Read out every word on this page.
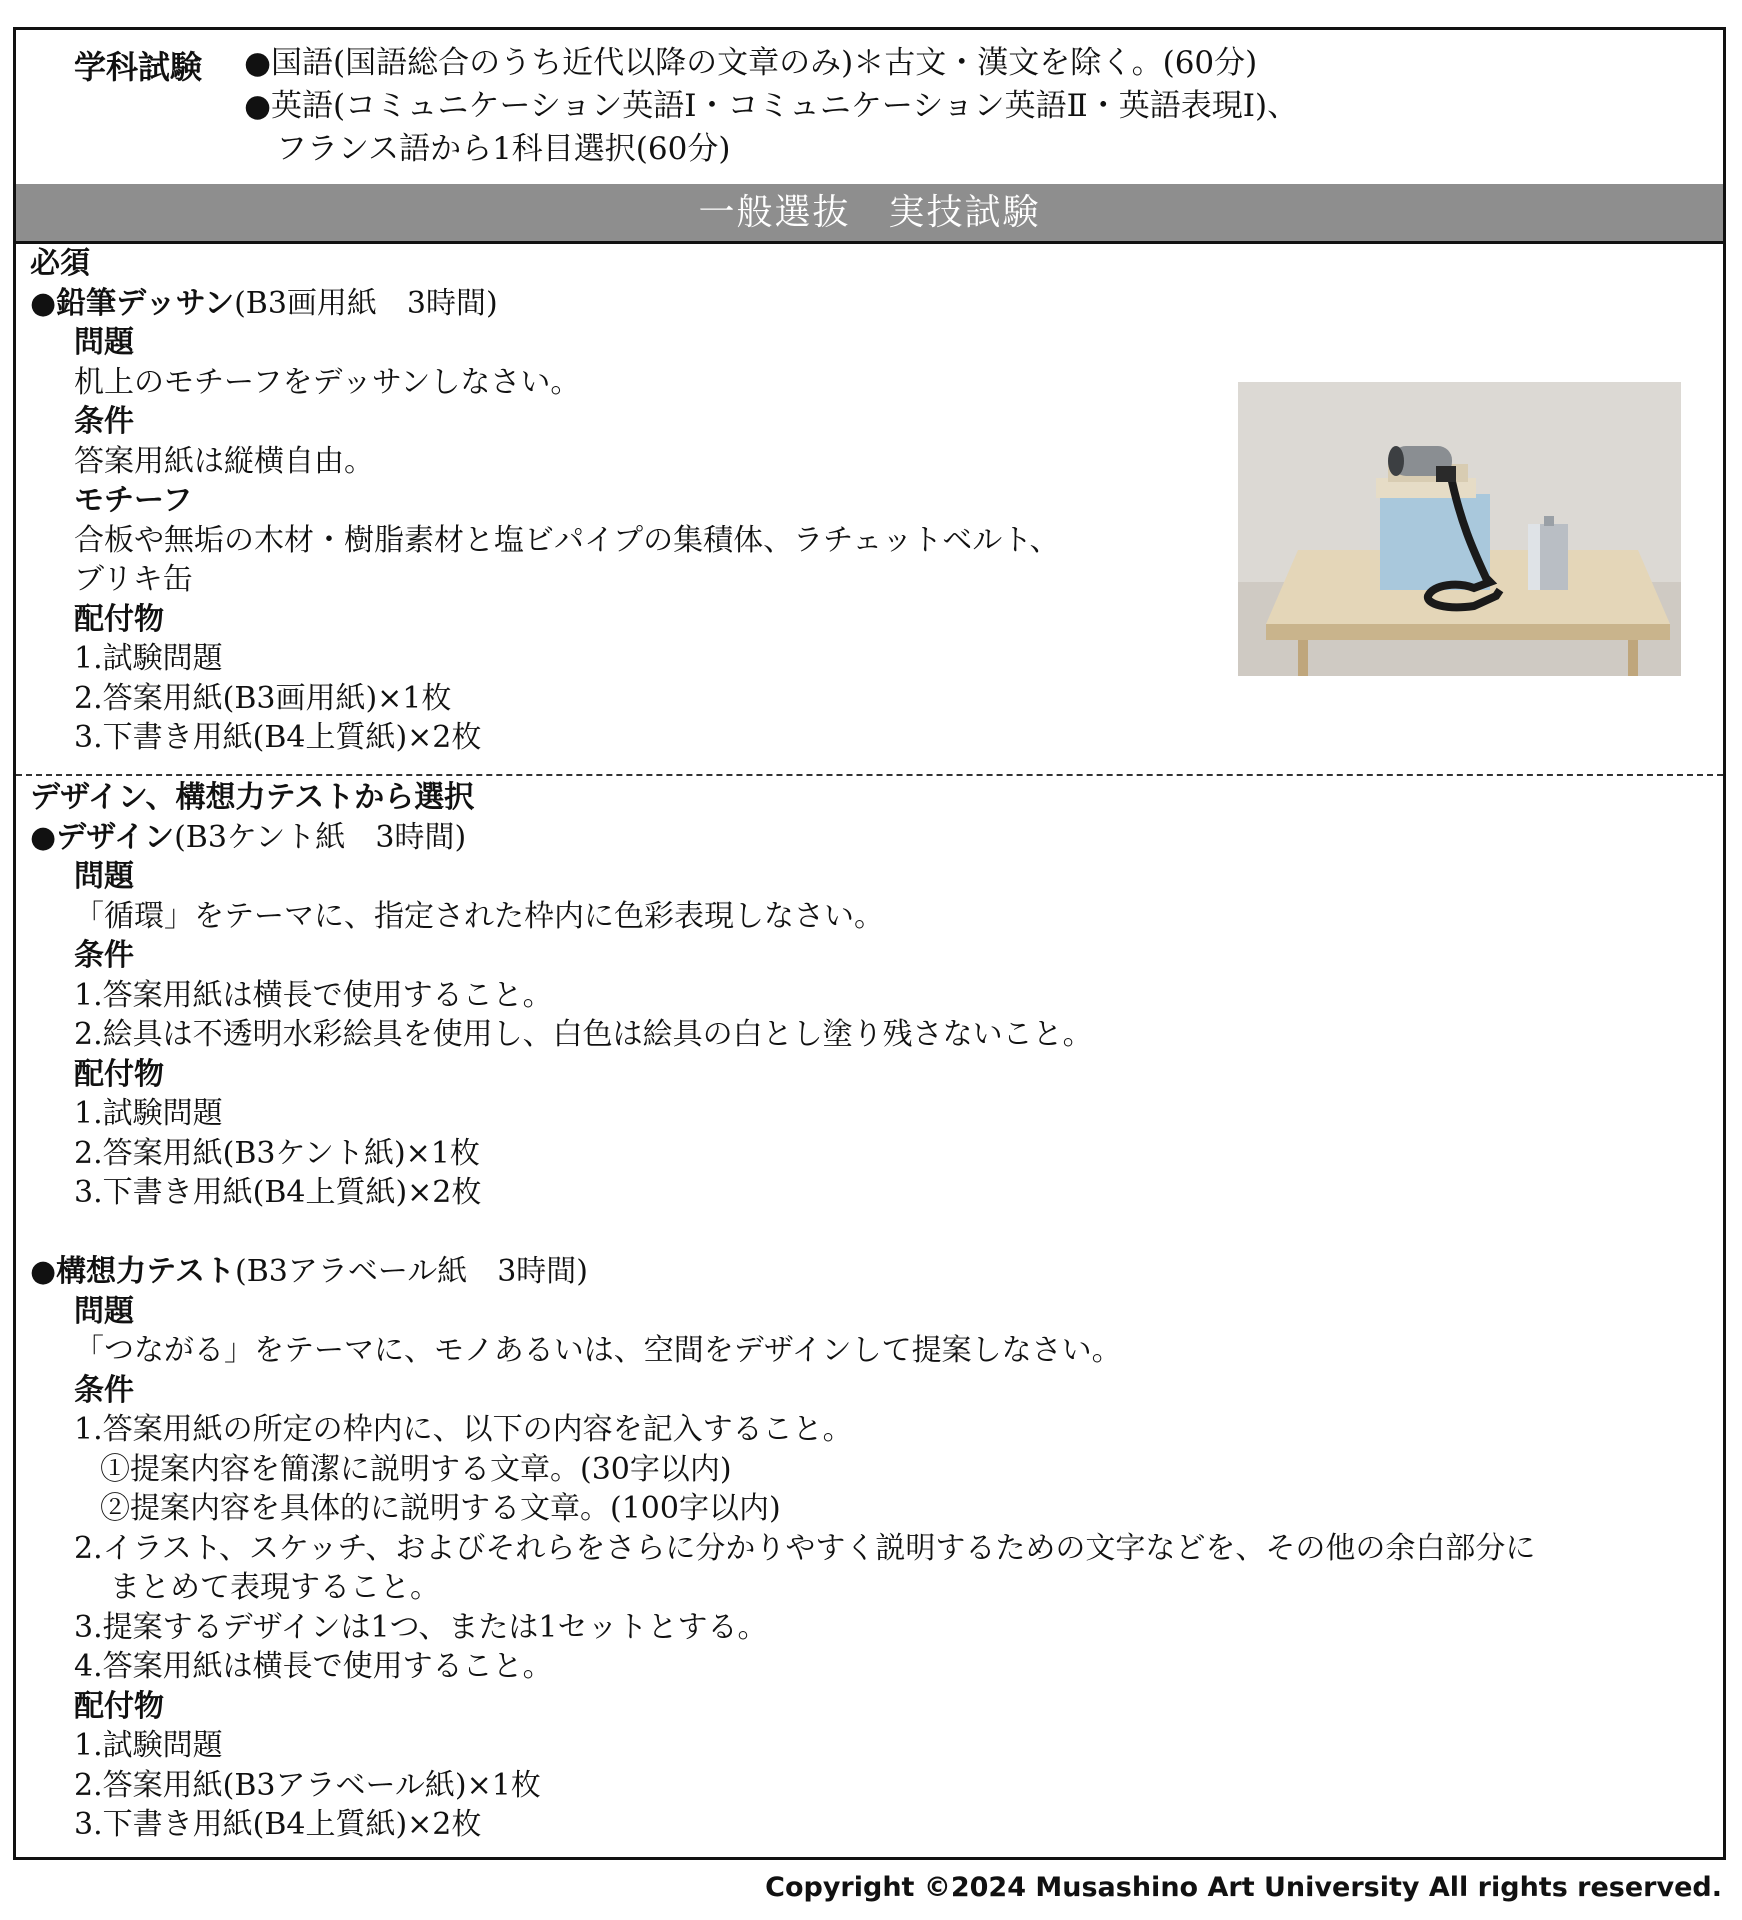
学科試験 ●国語(国語総合のうち近代以降の文章のみ)＊古文・漢文を除く。(60分)
●英語(コミュニケーション英語Ⅰ・コミュニケーション英語Ⅱ・英語表現Ⅰ)、
フランス語から1科目選択(60分)
一般選抜　実技試験
必須
●鉛筆デッサン(B3画用紙　3時間)
問題
机上のモチーフをデッサンしなさい。
条件
答案用紙は縦横自由。
モチーフ
合板や無垢の木材・樹脂素材と塩ビパイプの集積体、ラチェットベルト、
ブリキ缶
配付物
1.試験問題
2.答案用紙(B3画用紙)×1枚
3.下書き用紙(B4上質紙)×2枚
デザイン、構想力テストから選択
●デザイン(B3ケント紙　3時間)
問題
「循環」をテーマに、指定された枠内に色彩表現しなさい。
条件
1.答案用紙は横長で使用すること。
2.絵具は不透明水彩絵具を使用し、白色は絵具の白とし塗り残さないこと。
配付物
1.試験問題
2.答案用紙(B3ケント紙)×1枚
3.下書き用紙(B4上質紙)×2枚
●構想力テスト(B3アラベール紙　3時間)
問題
「つながる」をテーマに、モノあるいは、空間をデザインして提案しなさい。
条件
1.答案用紙の所定の枠内に、以下の内容を記入すること。
①提案内容を簡潔に説明する文章。(30字以内)
②提案内容を具体的に説明する文章。(100字以内)
2.イラスト、スケッチ、およびそれらをさらに分かりやすく説明するための文字などを、その他の余白部分に
まとめて表現すること。
3.提案するデザインは1つ、または1セットとする。
4.答案用紙は横長で使用すること。
配付物
1.試験問題
2.答案用紙(B3アラベール紙)×1枚
3.下書き用紙(B4上質紙)×2枚
Copyright ©2024 Musashino Art University All rights reserved.
